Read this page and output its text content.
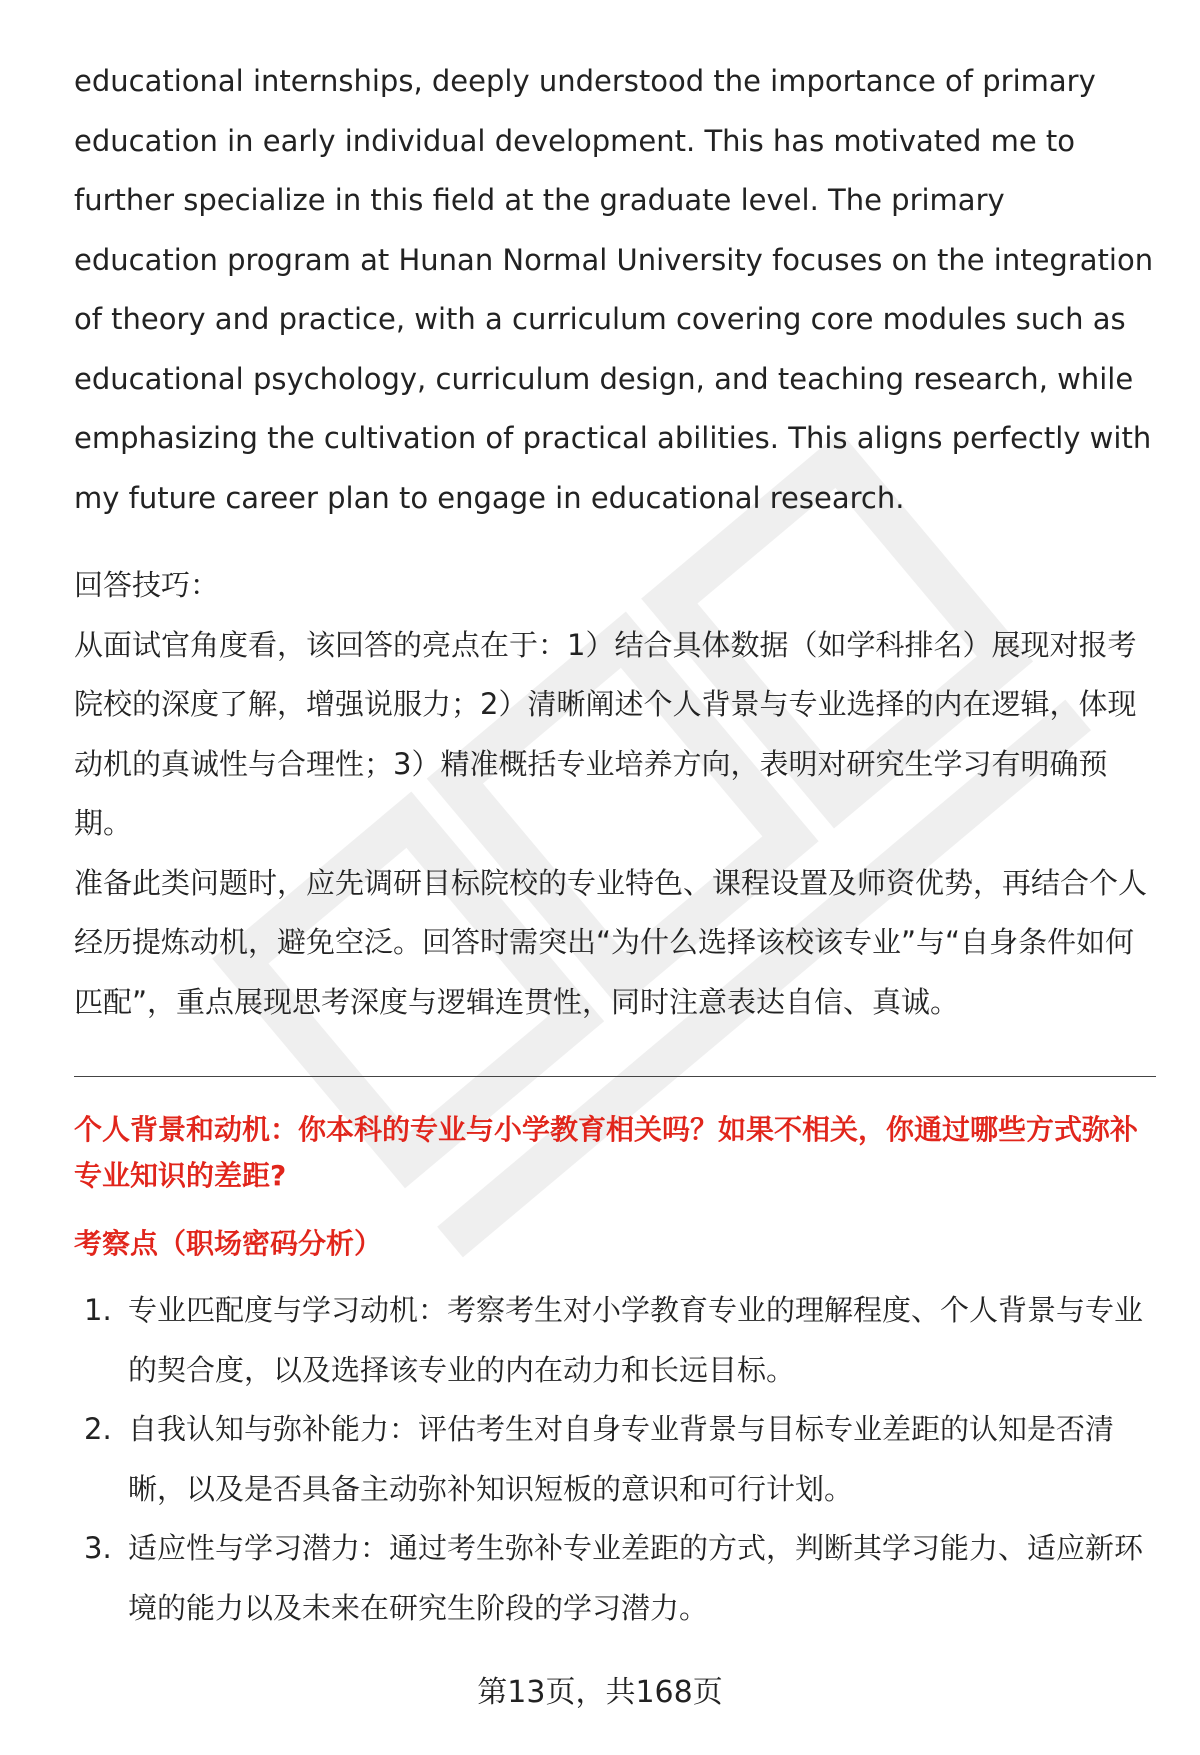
educational internships, deeply understood the importance of primary education in early individual development. This has motivated me to further specialize in this field at the graduate level. The primary education program at Hunan Normal University focuses on the integration of theory and practice, with a curriculum covering core modules such as educational psychology, curriculum design, and teaching research, while emphasizing the cultivation of practical abilities. This aligns perfectly with my future career plan to engage in educational research.

回答技巧：

从面试官角度看，该回答的亮点在于：1）结合具体数据（如学科排名）展现对报考院校的深度了解，增强说服力；2）清晰阐述个人背景与专业选择的内在逻辑，体现动机的真诚性与合理性；3）精准概括专业培养方向，表明对研究生学习有明确预期。

准备此类问题时，应先调研目标院校的专业特色、课程设置及师资优势，再结合个人经历提炼动机，避免空泛。回答时需突出“为什么选择该校该专业”与“自身条件如何匹配”，重点展现思考深度与逻辑连贯性，同时注意表达自信、真诚。

个人背景和动机：你本科的专业与小学教育相关吗？如果不相关，你通过哪些方式弥补专业知识的差距?

考察点（职场密码分析）

1. 专业匹配度与学习动机：考察考生对小学教育专业的理解程度、个人背景与专业的契合度，以及选择该专业的内在动力和长远目标。
2. 自我认知与弥补能力：评估考生对自身专业背景与目标专业差距的认知是否清晰，以及是否具备主动弥补知识短板的意识和可行计划。
3. 适应性与学习潜力：通过考生弥补专业差距的方式，判断其学习能力、适应新环境的能力以及未来在研究生阶段的学习潜力。
第13页，共168页
